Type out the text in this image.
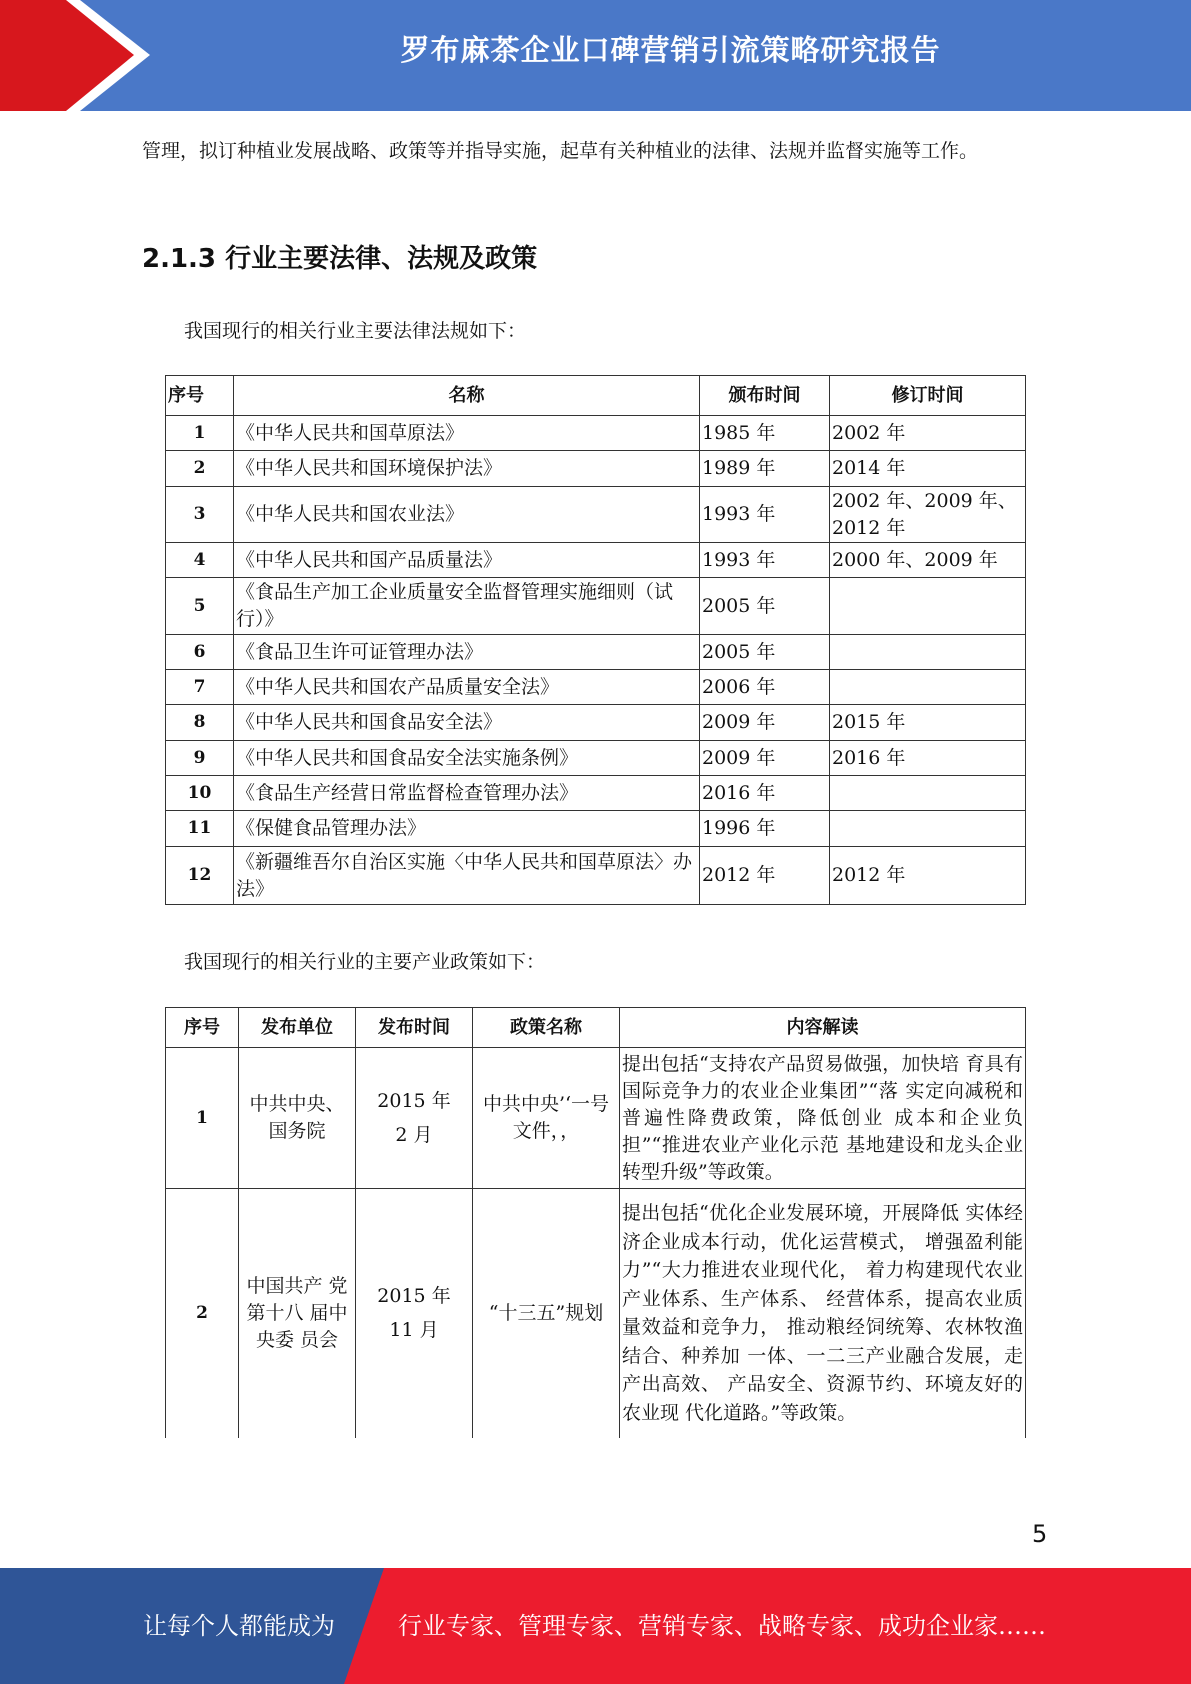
罗布麻茶企业口碑营销引流策略研究报告
管理，拟订种植业发展战略、政策等并指导实施，起草有关种植业的法律、法规并监督实施等工作。
2.1.3 行业主要法律、法规及政策
我国现行的相关行业主要法律法规如下：
序号	名称	颁布时间	修订时间
1	《中华人民共和国草原法》	1985 年	2002 年
2	《中华人民共和国环境保护法》	1989 年	2014 年
3	《中华人民共和国农业法》	1993 年	2002 年、2009 年、2012 年
4	《中华人民共和国产品质量法》	1993 年	2000 年、2009 年
5	《食品生产加工企业质量安全监督管理实施细则（试行）》	2005 年	
6	《食品卫生许可证管理办法》	2005 年	
7	《中华人民共和国农产品质量安全法》	2006 年	
8	《中华人民共和国食品安全法》	2009 年	2015 年
9	《中华人民共和国食品安全法实施条例》	2009 年	2016 年
10	《食品生产经营日常监督检查管理办法》	2016 年	
11	《保健食品管理办法》	1996 年	
12	《新疆维吾尔自治区实施〈中华人民共和国草原法〉办法》	2012 年	2012 年
我国现行的相关行业的主要产业政策如下：
序号	发布单位	发布时间	政策名称	内容解读
1	中共中央、国务院	2015 年 2 月	中共中央’‘一号文件，，	提出包括“支持农产品贸易做强，加快培 育具有国际竞争力的农业企业集团”“落 实定向减税和普遍性降费政策，降低创业 成本和企业负担”“推进农业产业化示范 基地建设和龙头企业转型升级”等政策。
2	中国共产 党第十八 届中央委 员会	2015 年 11 月	“十三五”规划	提出包括“优化企业发展环境，开展降低 实体经济企业成本行动，优化运营模式， 增强盈利能力”“大力推进农业现代化， 着力构建现代农业产业体系、生产体系、 经营体系，提高农业质量效益和竞争力， 推动粮经饲统筹、农林牧渔结合、种养加 一体、一二三产业融合发展，走产出高效、 产品安全、资源节约、环境友好的农业现 代化道路。”等政策。
5
让每个人都能成为	行业专家、管理专家、营销专家、战略专家、成功企业家……
